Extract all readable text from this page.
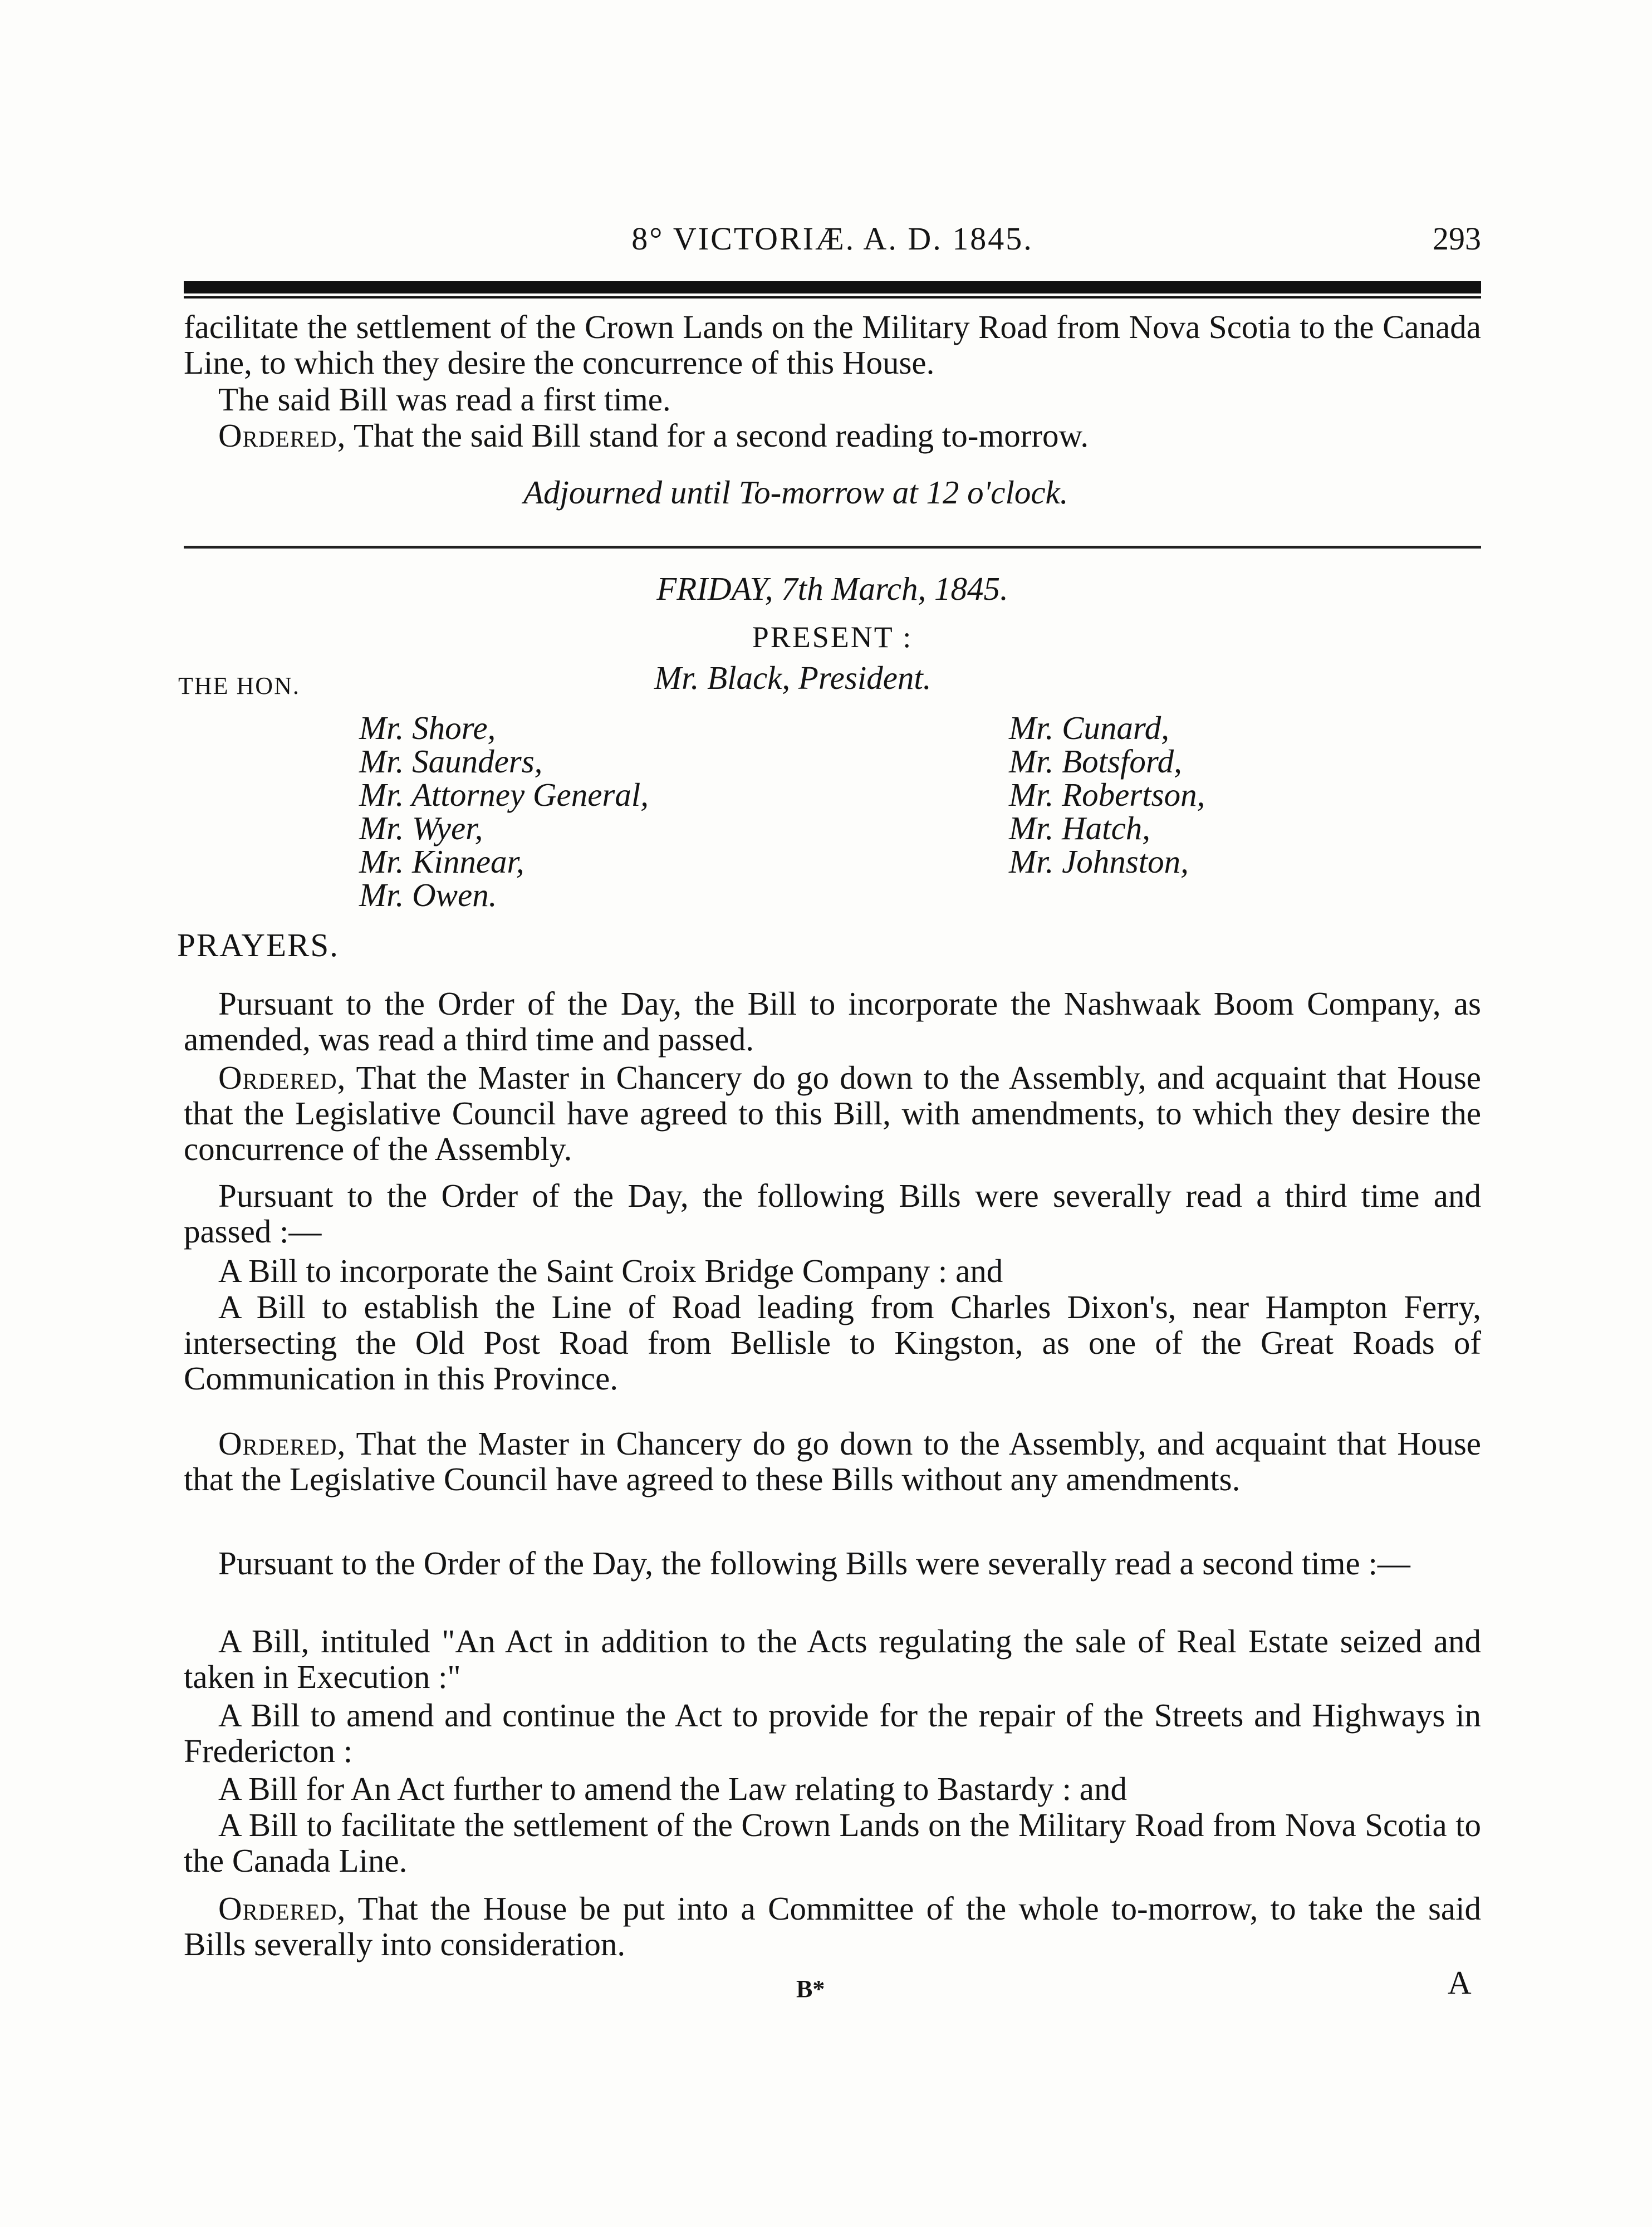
8° VICTORIÆ. A. D. 1845.	293
facilitate the settlement of the Crown Lands on the Military Road from Nova Scotia to the Canada Line, to which they desire the concurrence of this House.
The said Bill was read a first time.
Ordered, That the said Bill stand for a second reading to-morrow.
Adjourned until To-morrow at 12 o'clock.
FRIDAY, 7th March, 1845.
PRESENT :
THE HON.	Mr. Black, President.
Mr. Shore,
Mr. Saunders,
Mr. Attorney General,
Mr. Wyer,
Mr. Kinnear,
Mr. Owen.
Mr. Cunard,
Mr. Botsford,
Mr. Robertson,
Mr. Hatch,
Mr. Johnston,
PRAYERS.
Pursuant to the Order of the Day, the Bill to incorporate the Nashwaak Boom Company, as amended, was read a third time and passed.
Ordered, That the Master in Chancery do go down to the Assembly, and acquaint that House that the Legislative Council have agreed to this Bill, with amendments, to which they desire the concurrence of the Assembly.
Pursuant to the Order of the Day, the following Bills were severally read a third time and passed :—
A Bill to incorporate the Saint Croix Bridge Company : and
A Bill to establish the Line of Road leading from Charles Dixon's, near Hampton Ferry, intersecting the Old Post Road from Bellisle to Kingston, as one of the Great Roads of Communication in this Province.
Ordered, That the Master in Chancery do go down to the Assembly, and acquaint that House that the Legislative Council have agreed to these Bills without any amendments.
Pursuant to the Order of the Day, the following Bills were severally read a second time :—
A Bill, intituled "An Act in addition to the Acts regulating the sale of Real Estate seized and taken in Execution :"
A Bill to amend and continue the Act to provide for the repair of the Streets and Highways in Fredericton :
A Bill for An Act further to amend the Law relating to Bastardy : and
A Bill to facilitate the settlement of the Crown Lands on the Military Road from Nova Scotia to the Canada Line.
Ordered, That the House be put into a Committee of the whole to-morrow, to take the said Bills severally into consideration.
B*	A
